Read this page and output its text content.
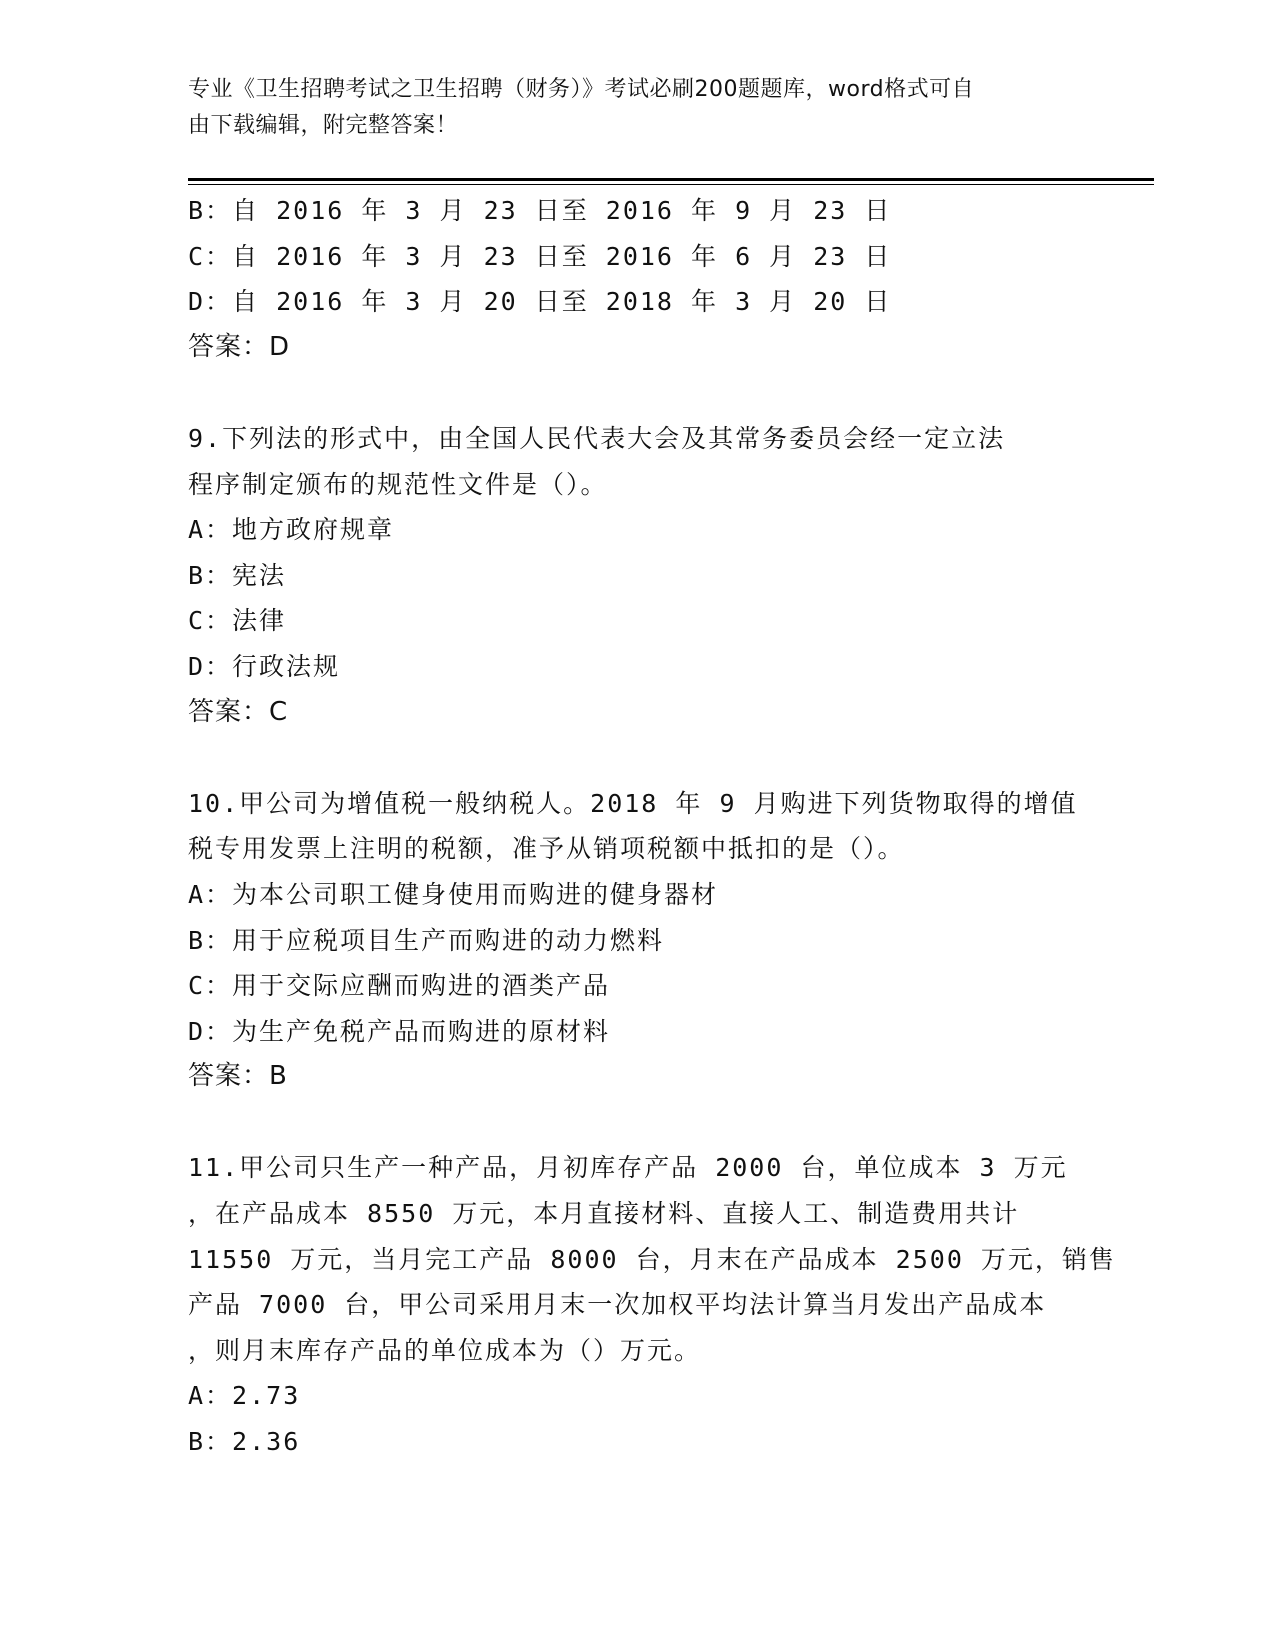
专业《卫生招聘考试之卫生招聘（财务）》考试必刷200题题库，word格式可自
由下载编辑，附完整答案！
B：自 2016 年 3 月 23 日至 2016 年 9 月 23 日
C：自 2016 年 3 月 23 日至 2016 年 6 月 23 日
D：自 2016 年 3 月 20 日至 2018 年 3 月 20 日
答案：D
9.下列法的形式中，由全国人民代表大会及其常务委员会经一定立法
程序制定颁布的规范性文件是（）。
A：地方政府规章
B：宪法
C：法律
D：行政法规
答案：C
10.甲公司为增值税一般纳税人。2018 年 9 月购进下列货物取得的增值
税专用发票上注明的税额，准予从销项税额中抵扣的是（）。
A：为本公司职工健身使用而购进的健身器材
B：用于应税项目生产而购进的动力燃料
C：用于交际应酬而购进的酒类产品
D：为生产免税产品而购进的原材料
答案：B
11.甲公司只生产一种产品，月初库存产品 2000 台，单位成本 3 万元
，在产品成本 8550 万元，本月直接材料、直接人工、制造费用共计
11550 万元，当月完工产品 8000 台，月末在产品成本 2500 万元，销售
产品 7000 台，甲公司采用月末一次加权平均法计算当月发出产品成本
，则月末库存产品的单位成本为（）万元。
A：2.73
B：2.36
